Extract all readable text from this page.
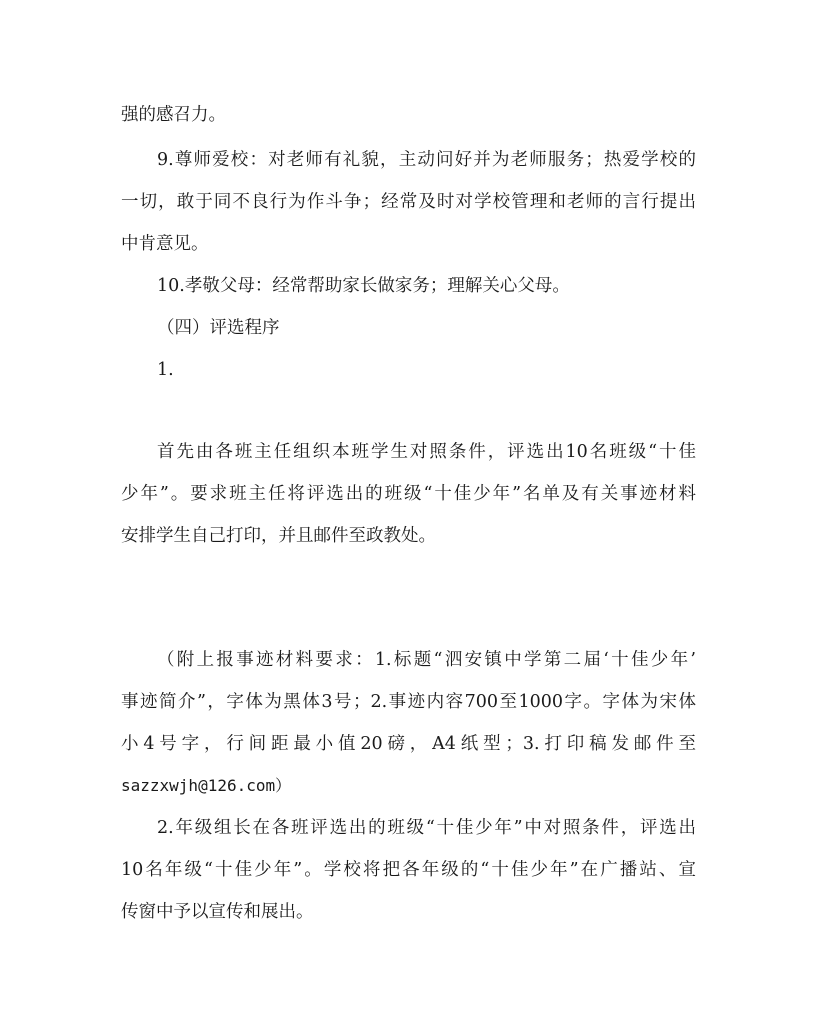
强的感召力。
9.尊师爱校：对老师有礼貌，主动问好并为老师服务；热爱学校的
一切，敢于同不良行为作斗争；经常及时对学校管理和老师的言行提出
中肯意见。
10.孝敬父母：经常帮助家长做家务；理解关心父母。
（四）评选程序
1.
首先由各班主任组织本班学生对照条件，评选出10名班级“十佳
少年”。要求班主任将评选出的班级“十佳少年”名单及有关事迹材料
安排学生自己打印，并且邮件至政教处。
（附上报事迹材料要求：1.标题“泗安镇中学第二届‘十佳少年’
事迹简介”，字体为黑体3号；2.事迹内容700至1000字。字体为宋体
小4号字，行间距最小值20磅，A4纸型；3.打印稿发邮件至
sazzxwjh@126.com）
2.年级组长在各班评选出的班级“十佳少年”中对照条件，评选出
10名年级“十佳少年”。学校将把各年级的“十佳少年”在广播站、宣
传窗中予以宣传和展出。
